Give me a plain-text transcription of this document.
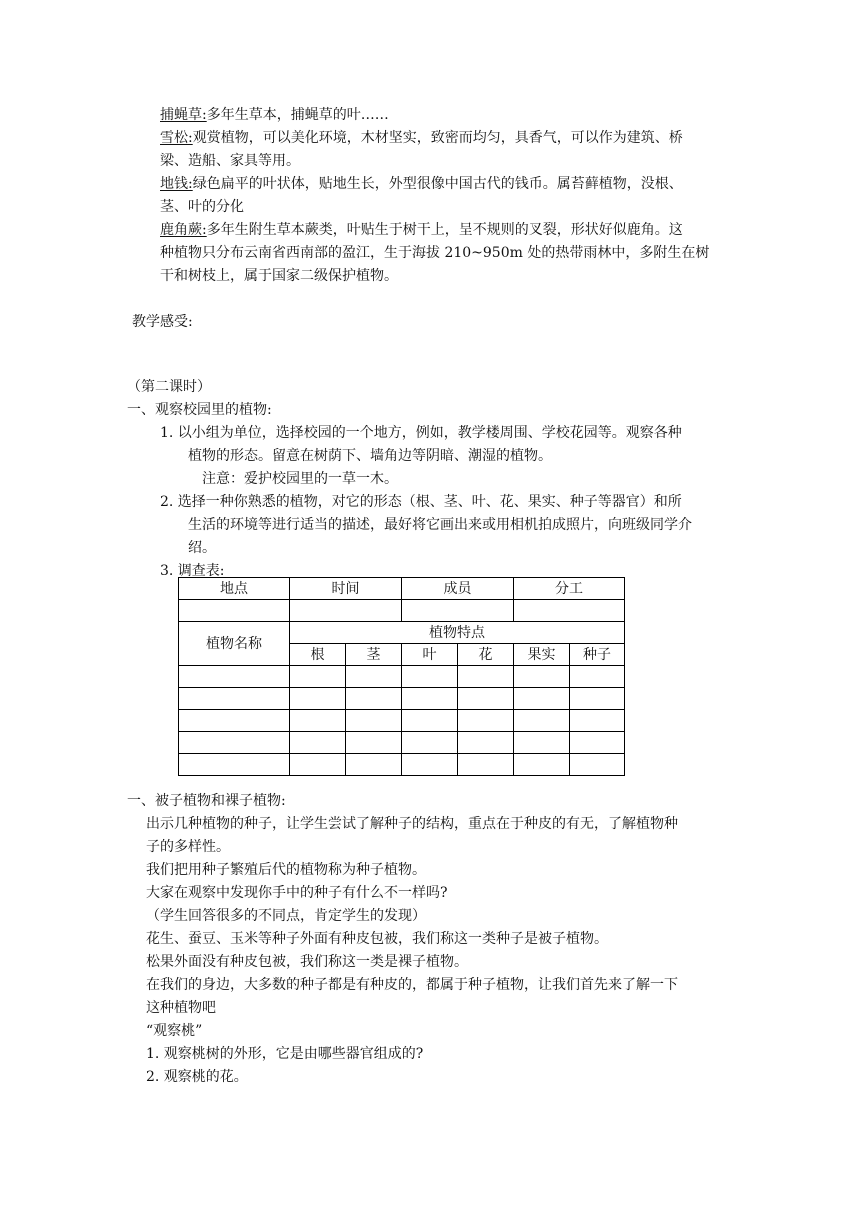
捕蝇草:多年生草本，捕蝇草的叶……
雪松:观赏植物，可以美化环境，木材坚实，致密而均匀，具香气，可以作为建筑、桥
梁、造船、家具等用。
地钱:绿色扁平的叶状体，贴地生长，外型很像中国古代的钱币。属苔藓植物，没根、
茎、叶的分化
鹿角蕨:多年生附生草本蕨类，叶贴生于树干上，呈不规则的叉裂，形状好似鹿角。这
种植物只分布云南省西南部的盈江，生于海拔 210~950m 处的热带雨林中，多附生在树
干和树枝上，属于国家二级保护植物。
教学感受:
（第二课时）
一、观察校园里的植物:
1. 以小组为单位，选择校园的一个地方，例如，教学楼周围、学校花园等。观察各种
植物的形态。留意在树荫下、墙角边等阴暗、潮湿的植物。
注意：爱护校园里的一草一木。
2. 选择一种你熟悉的植物，对它的形态（根、茎、叶、花、果实、种子等器官）和所
生活的环境等进行适当的描述，最好将它画出来或用相机拍成照片，向班级同学介
绍。
3. 调查表:
地点	时间		成员		分工	

植物名称	植物特点					
	根	茎	叶	花	果实	种子

一、被子植物和裸子植物:
出示几种植物的种子，让学生尝试了解种子的结构，重点在于种皮的有无，了解植物种
子的多样性。
我们把用种子繁殖后代的植物称为种子植物。
大家在观察中发现你手中的种子有什么不一样吗?
（学生回答很多的不同点，肯定学生的发现）
花生、蚕豆、玉米等种子外面有种皮包被，我们称这一类种子是被子植物。
松果外面没有种皮包被，我们称这一类是裸子植物。
在我们的身边，大多数的种子都是有种皮的，都属于种子植物，让我们首先来了解一下
这种植物吧
“观察桃”
1. 观察桃树的外形，它是由哪些器官组成的?
2. 观察桃的花。
